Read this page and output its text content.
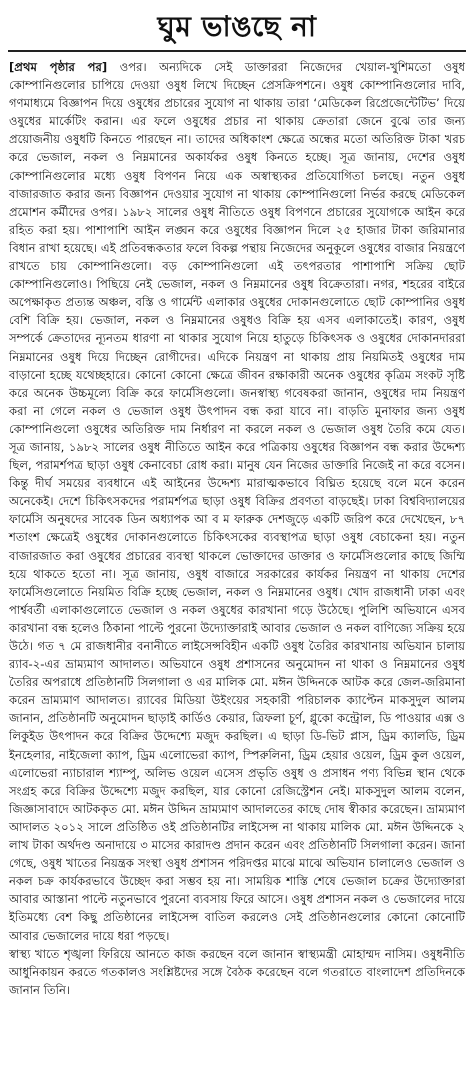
ঘুম ভাঙছে না

[প্রথম পৃষ্ঠার পর] ওপর। অন্যদিকে সেই ডাক্তাররা নিজেদের খেয়াল-খুশিমতো ওষুধ কোম্পানিগুলোর চাপিয়ে দেওয়া ওষুধ লিখে দিচ্ছেন প্রেসক্রিপশনে। ওষুধ কোম্পানিগুলোর দাবি, গণমাধ্যমে বিজ্ঞাপন দিয়ে ওষুধের প্রচারের সুযোগ না থাকায় তারা ‘মেডিকেল রিপ্রেজেন্টেটিভ’ দিয়ে ওষুধের মার্কেটিং করান। এর ফলে ওষুধের প্রচার না থাকায় ক্রেতারা জেনে বুঝে তার জন্য প্রয়োজনীয় ওষুধটি কিনতে পারছেন না। তাদের অধিকাংশ ক্ষেত্রে অন্ধের মতো অতিরিক্ত টাকা খরচ করে ভেজাল, নকল ও নিম্নমানের অকার্যকর ওষুধ কিনতে হচ্ছে। সূত্র জানায়, দেশের ওষুধ কোম্পানিগুলোর মধ্যে ওষুধ বিপণন নিয়ে এক অস্বাস্থ্যকর প্রতিযোগিতা চলছে। নতুন ওষুধ বাজারজাত করার জন্য বিজ্ঞাপন দেওয়ার সুযোগ না থাকায় কোম্পানিগুলো নির্ভর করছে মেডিকেল প্রমোশন কর্মীদের ওপর। ১৯৮২ সালের ওষুধ নীতিতে ওষুধ বিপণনে প্রচারের সুযোগকে আইন করে রহিত করা হয়। পাশাপাশি আইন লঙ্ঘন করে ওষুধের বিজ্ঞাপন দিলে ২৫ হাজার টাকা জরিমানার বিধান রাখা হয়েছে। এই প্রতিবন্ধকতার ফলে বিকল্প পন্থায় নিজেদের অনুকূলে ওষুধের বাজার নিয়ন্ত্রণে রাখতে চায় কোম্পানিগুলো। বড় কোম্পানিগুলো এই তৎপরতার পাশাপাশি সক্রিয় ছোট কোম্পানিগুলোও। পিছিয়ে নেই ভেজাল, নকল ও নিম্নমানের ওষুধ বিক্রেতারা। নগর, শহরের বাইরে অপেক্ষাকৃত প্রত্যন্ত অঞ্চল, বস্তি ও গার্মেন্ট এলাকার ওষুধের দোকানগুলোতে ছোট কোম্পানির ওষুধ বেশি বিক্রি হয়। ভেজাল, নকল ও নিম্নমানের ওষুধও বিক্রি হয় এসব এলাকাতেই। কারণ, ওষুধ সম্পর্কে ক্রেতাদের ন্যূনতম ধারণা না থাকার সুযোগ নিয়ে হাতুড়ে চিকিৎসক ও ওষুধের দোকানদাররা নিম্নমানের ওষুধ দিয়ে দিচ্ছেন রোগীদের। এদিকে নিয়ন্ত্রণ না থাকায় প্রায় নিয়মিতই ওষুধের দাম বাড়ানো হচ্ছে যথেচ্ছহারে। কোনো কোনো ক্ষেত্রে জীবন রক্ষাকারী অনেক ওষুধের কৃত্রিম সংকট সৃষ্টি করে অনেক উচ্চমূল্যে বিক্রি করে ফার্মেসিগুলো। জনস্বাস্থ্য গবেষকরা জানান, ওষুধের দাম নিয়ন্ত্রণ করা না গেলে নকল ও ভেজাল ওষুধ উৎপাদন বন্ধ করা যাবে না। বাড়তি মুনাফার জন্য ওষুধ কোম্পানিগুলো ওষুধের অতিরিক্ত দাম নির্ধারণ না করলে নকল ও ভেজাল ওষুধ তৈরি কমে যেত। সূত্র জানায়, ১৯৮২ সালের ওষুধ নীতিতে আইন করে পত্রিকায় ওষুধের বিজ্ঞাপন বন্ধ করার উদ্দেশ্য ছিল, পরামর্শপত্র ছাড়া ওষুধ কেনাবেচা রোধ করা। মানুষ যেন নিজের ডাক্তারি নিজেই না করে বসেন। কিন্তু দীর্ঘ সময়ের ব্যবধানে এই আইনের উদ্দেশ্য মারাত্মকভাবে বিঘ্নিত হয়েছে বলে মনে করেন অনেকেই। দেশে চিকিৎসকদের পরামর্শপত্র ছাড়া ওষুধ বিক্রির প্রবণতা বাড়ছেই। ঢাকা বিশ্ববিদ্যালয়ের ফার্মেসি অনুষদের সাবেক ডিন অধ্যাপক আ ব ম ফারুক দেশজুড়ে একটি জরিপ করে দেখেছেন, ৮৭ শতাংশ ক্ষেত্রেই ওষুধের দোকানগুলোতে চিকিৎসকের ব্যবস্থাপত্র ছাড়া ওষুধ বেচাকেনা হয়। নতুন বাজারজাত করা ওষুধের প্রচারের ব্যবস্থা থাকলে ভোক্তাদের ডাক্তার ও ফার্মেসিগুলোর কাছে জিম্মি হয়ে থাকতে হতো না। সূত্র জানায়, ওষুধ বাজারে সরকারের কার্যকর নিয়ন্ত্রণ না থাকায় দেশের ফার্মেসিগুলোতে নিয়মিত বিক্রি হচ্ছে ভেজাল, নকল ও নিম্নমানের ওষুধ। খোদ রাজধানী ঢাকা এবং পার্শ্ববর্তী এলাকাগুলোতে ভেজাল ও নকল ওষুধের কারখানা গড়ে উঠেছে। পুলিশি অভিযানে এসব কারখানা বন্ধ হলেও ঠিকানা পাল্টে পুরনো উদ্যোক্তারাই আবার ভেজাল ও নকল বাণিজ্যে সক্রিয় হয়ে উঠে। গত ৭ মে রাজধানীর বনানীতে লাইসেন্সবিহীন একটি ওষুধ তৈরির কারখানায় অভিযান চালায় র‌্যাব-২-এর ভ্রাম্যমাণ আদালত। অভিযানে ওষুধ প্রশাসনের অনুমোদন না থাকা ও নিম্নমানের ওষুধ তৈরির অপরাধে প্রতিষ্ঠানটি সিলগালা ও এর মালিক মো. মঈন উদ্দিনকে আটক করে জেল-জরিমানা করেন ভ্রাম্যমাণ আদালত। র‌্যাবের মিডিয়া উইংয়ের সহকারী পরিচালক ক্যাপ্টেন মাকসুদুল আলম জানান, প্রতিষ্ঠানটি অনুমোদন ছাড়াই কার্ডিও কেয়ার, ত্রিফলা চূর্ণ, গ্লুকো কন্ট্রোল, ডি পাওয়ার এক্স ও লিকুইড উৎপাদন করে বিক্রির উদ্দেশ্যে মজুদ করছিল। এ ছাড়া ডি-ভিট প্লাস, ড্রিম ক্যালডি, ড্রিম ইনহেলার, নাইজেলা ক্যাপ, ড্রিম এলোভেরা ক্যাপ, স্পিরুলিনা, ড্রিম হেয়ার ওয়েল, ড্রিম কুল ওয়েল, এলোভেরা ন্যাচারাল শ্যাম্পু, অলিভ ওয়েল এসেস প্রভৃতি ওষুধ ও প্রসাধন পণ্য বিভিন্ন স্থান থেকে সংগ্রহ করে বিক্রির উদ্দেশ্যে মজুদ করছিল, যার কোনো রেজিস্ট্রেশন নেই। মাকসুদুল আলম বলেন, জিজ্ঞাসাবাদে আটককৃত মো. মঈন উদ্দিন ভ্রাম্যমাণ আদালতের কাছে দোষ স্বীকার করেছেন। ভ্রাম্যমাণ আদালত ২০১২ সালে প্রতিষ্ঠিত ওই প্রতিষ্ঠানটির লাইসেন্স না থাকায় মালিক মো. মঈন উদ্দিনকে ২ লাখ টাকা অর্থদণ্ড অনাদায়ে ৩ মাসের কারাদণ্ড প্রদান করেন এবং প্রতিষ্ঠানটি সিলগালা করেন। জানা গেছে, ওষুধ খাতের নিয়ন্ত্রক সংস্থা ওষুধ প্রশাসন পরিদপ্তর মাঝে মাঝে অভিযান চালালেও ভেজাল ও নকল চক্র কার্যকরভাবে উচ্ছেদ করা সম্ভব হয় না। সাময়িক শাস্তি শেষে ভেজাল চক্রের উদ্যোক্তারা আবার আস্তানা পাল্টে নতুনভাবে পুরনো ব্যবসায় ফিরে আসে। ওষুধ প্রশাসন নকল ও ভেজালের দায়ে ইতিমধ্যে বেশ কিছু প্রতিষ্ঠানের লাইসেন্স বাতিল করলেও সেই প্রতিষ্ঠানগুলোর কোনো কোনোটি আবার ভেজালের দায়ে ধরা পড়ছে।

স্বাস্থ্য খাতে শৃঙ্খলা ফিরিয়ে আনতে কাজ করছেন বলে জানান স্বাস্থ্যমন্ত্রী মোহাম্মদ নাসিম। ওষুধনীতি আধুনিকায়ন করতে গতকালও সংশ্লিষ্টদের সঙ্গে বৈঠক করেছেন বলে গতরাতে বাংলাদেশ প্রতিদিনকে জানান তিনি।
